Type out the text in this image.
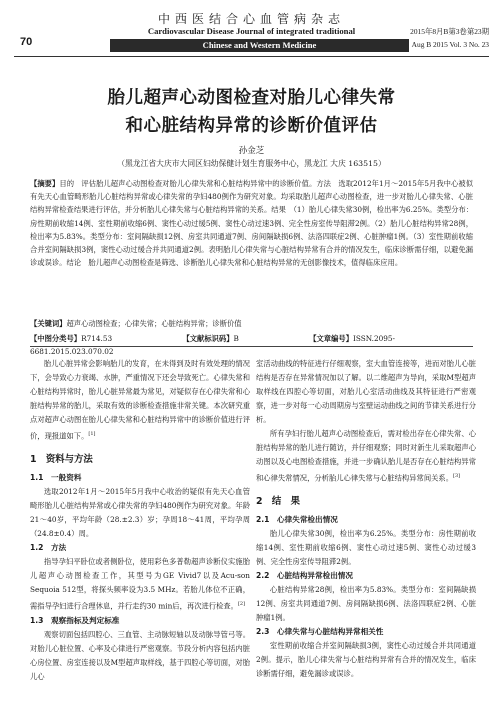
中西医结合心血管病杂志
Cardiovascular Disease Journal of integrated traditional
Chinese and Western Medicine
70
2015年8月B第3卷第23期
Aug B 2015 Vol. 3 No. 23
胎儿超声心动图检查对胎儿心律失常
和心脏结构异常的诊断价值评估
孙金芝
（黑龙江省大庆市大同区妇幼保健计划生育服务中心，黑龙江 大庆 163515）
【摘要】目的　评估胎儿超声心动图检查对胎儿心律失常和心脏结构异常中的诊断价值。方法　选取2012年1月～2015年5月我中心被似有先天心血管畸形胎儿心脏结构异常或心律失常的孕妇480例作为研究对象。均采取胎儿超声心动图检查，进一步对胎儿心律失常、心脏结构异常检查结果进行评估，并分析胎儿心律失常与心脏结构异常的关系。结果　（1）胎儿心律失常30例，检出率为6.25%。类型分布：房性期前收缩14例、室性期前收缩6例、窦性心动过缓5例、窦性心动过速3例、完全性房室传导阻滞2例。（2）胎儿心脏结构异常28例，检出率为5.83%。类型分布：室间隔缺损12例、房室共同通道7例、房间隔缺损6例、法洛四联症2例、心脏肿瘤1例。（3）室性期前收缩合并室间隔缺损3例，窦性心动过缓合并共同通道2例。表明胎儿心律失常与心脏结构异常有合并的情况发生，临床诊断需仔细，以避免漏诊或误诊。结论　胎儿超声心动图检查是筛选、诊断胎儿心律失常和心脏结构异常的无创影像技术，值得临床应用。
【关键词】超声心动图检查；心律失常；心脏结构异常；诊断价值
【中图分类号】R714.53	【文献标识码】B	【文章编号】ISSN.2095-6681.2015.023.070.02

胎儿心脏异常会影响胎儿的发育，在未得到及时有效处理的情况下，会导致心力衰竭、水肿，严重情况下还会导致死亡。心律失常和心脏结构异常时，胎儿心脏异常最为常见，对疑似存在心律失常和心脏结构异常的胎儿，采取有效的诊断检查措施非常关键。本次研究重点对超声心动图在胎儿心律失常和心脏结构异常中的诊断价值进行评价，现报道如下。[1]

1　资料与方法
1.1　一般资料

选取2012年1月～2015年5月我中心收治的疑似有先天心血管畸形胎儿心脏结构异常或心律失常的孕妇480例作为研究对象。年龄21～40岁，平均年龄（28.±2.3）岁；孕周18～41周，平均孕周（24.8±0.4）周。

1.2　方法

指导孕妇平卧位或者侧卧位，使用彩色多普勒超声诊断仪实施胎儿超声心动图检查工作，其型号为GE Vivid7以及Acu-son Sequoia 512型，将探头频率设为3.5 MHz。若胎儿体位不正确，需指导孕妇进行合理休息，并行走约30 min后，再次进行检查。[2]

1.3　观察指标及判定标准

观察切面包括四腔心、三血管、主动脉短轴以及动脉导管弓等。对胎儿心脏位置、心率及心律进行严密观察。节段分析内容包括内脏心房位置、房室连接以及M型超声取样线，基于四腔心等切面，对胎儿心

室活动曲线的特征进行仔细观察，室大血管连接等，进而对胎儿心脏结构是否存在异常情况加以了解。以二维超声为导向，采取M型超声取样线在四腔心等切面，对胎儿心室活动曲线及其特征进行严密观察，进一步对每一心动周期房与室壁运动曲线之间的节律关系进行分析。

所有孕妇行胎儿超声心动图检查后，需对检出存在心律失常、心脏结构异常的胎儿进行随访，并仔细观察；同时对新生儿采取超声心动图以及心电图检查措施，并进一步确认胎儿是否存在心脏结构异常和心律失常情况，分析胎儿心律失常与心脏结构异常间关系。[3]

2　结　果
2.1　心律失常检出情况

胎儿心律失常30例，检出率为6.25%。类型分布：房性期前收缩14例、室性期前收缩6例、窦性心动过速5例、窦性心动过缓3例、完全性房室传导阻滞2例。

2.2　心脏结构异常检出情况

心脏结构异常28例，检出率为5.83%。类型分布：室间隔缺损12例、房室共同通道7例、房间隔缺损6例、法洛四联症2例、心脏肿瘤1例。

2.3　心律失常与心脏结构异常相关性

室性期前收缩合并室间隔缺损3例，窦性心动过缓合并共同通道2例。提示，胎儿心律失常与心脏结构异常有合并的情况发生，临床诊断需仔细，避免漏诊或误诊。
